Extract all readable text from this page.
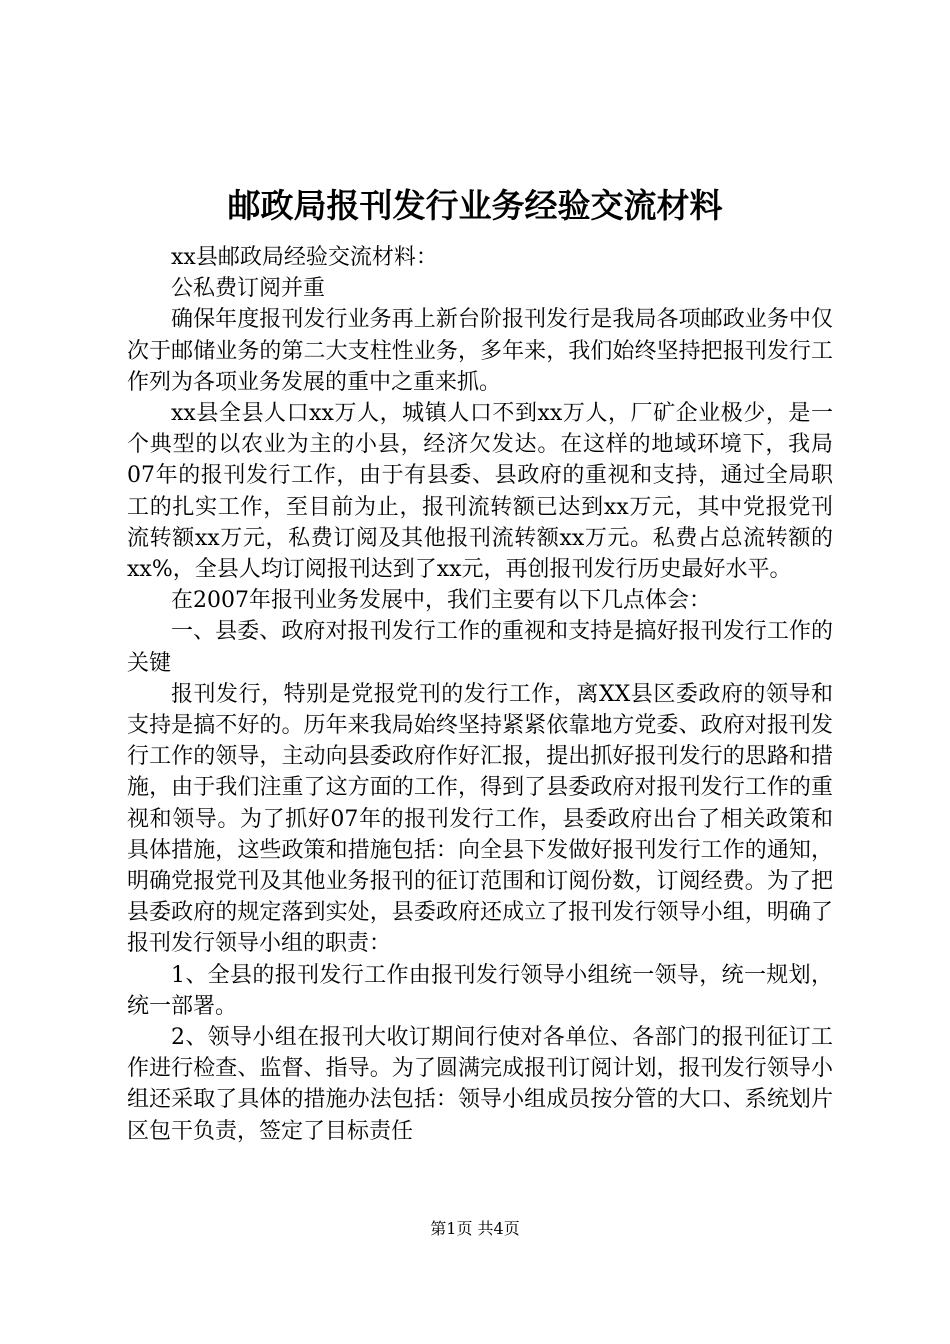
邮政局报刊发行业务经验交流材料

xx县邮政局经验交流材料：

公私费订阅并重

确保年度报刊发行业务再上新台阶报刊发行是我局各项邮政业务中仅次于邮储业务的第二大支柱性业务，多年来，我们始终坚持把报刊发行工作列为各项业务发展的重中之重来抓。

xx县全县人口xx万人，城镇人口不到xx万人，厂矿企业极少，是一个典型的以农业为主的小县，经济欠发达。在这样的地域环境下，我局07年的报刊发行工作，由于有县委、县政府的重视和支持，通过全局职工的扎实工作，至目前为止，报刊流转额已达到xx万元，其中党报党刊流转额xx万元，私费订阅及其他报刊流转额xx万元。私费占总流转额的xx%，全县人均订阅报刊达到了xx元，再创报刊发行历史最好水平。

在2007年报刊业务发展中，我们主要有以下几点体会：

一、县委、政府对报刊发行工作的重视和支持是搞好报刊发行工作的关键

报刊发行，特别是党报党刊的发行工作，离XX县区委政府的领导和支持是搞不好的。历年来我局始终坚持紧紧依靠地方党委、政府对报刊发行工作的领导，主动向县委政府作好汇报，提出抓好报刊发行的思路和措施，由于我们注重了这方面的工作，得到了县委政府对报刊发行工作的重视和领导。为了抓好07年的报刊发行工作，县委政府出台了相关政策和具体措施，这些政策和措施包括：向全县下发做好报刊发行工作的通知，明确党报党刊及其他业务报刊的征订范围和订阅份数，订阅经费。为了把县委政府的规定落到实处，县委政府还成立了报刊发行领导小组，明确了报刊发行领导小组的职责：

1、全县的报刊发行工作由报刊发行领导小组统一领导，统一规划，统一部署。

2、领导小组在报刊大收订期间行使对各单位、各部门的报刊征订工作进行检查、监督、指导。为了圆满完成报刊订阅计划，报刊发行领导小组还采取了具体的措施办法包括：领导小组成员按分管的大口、系统划片区包干负责，签定了目标责任

第1页 共4页
